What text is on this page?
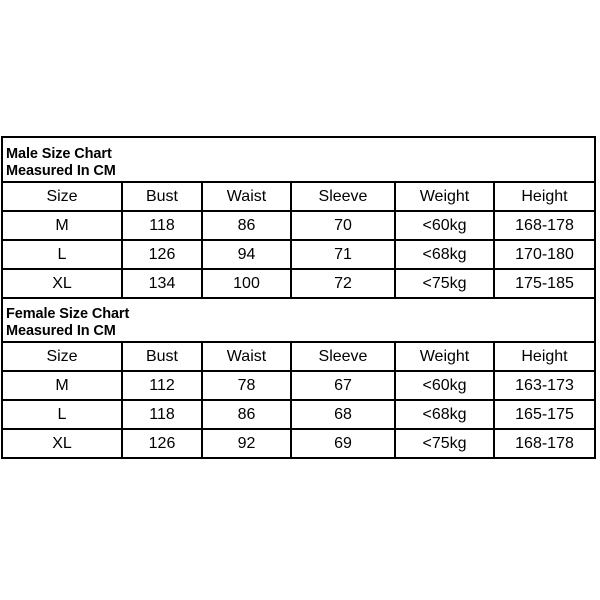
Male Size Chart
Measured In CM
Size	Bust	Waist	Sleeve	Weight	Height
M	118	86	70	<60kg	168-178
L	126	94	71	<68kg	170-180
XL	134	100	72	<75kg	175-185
Female Size Chart
Measured In CM
Size	Bust	Waist	Sleeve	Weight	Height
M	112	78	67	<60kg	163-173
L	118	86	68	<68kg	165-175
XL	126	92	69	<75kg	168-178
